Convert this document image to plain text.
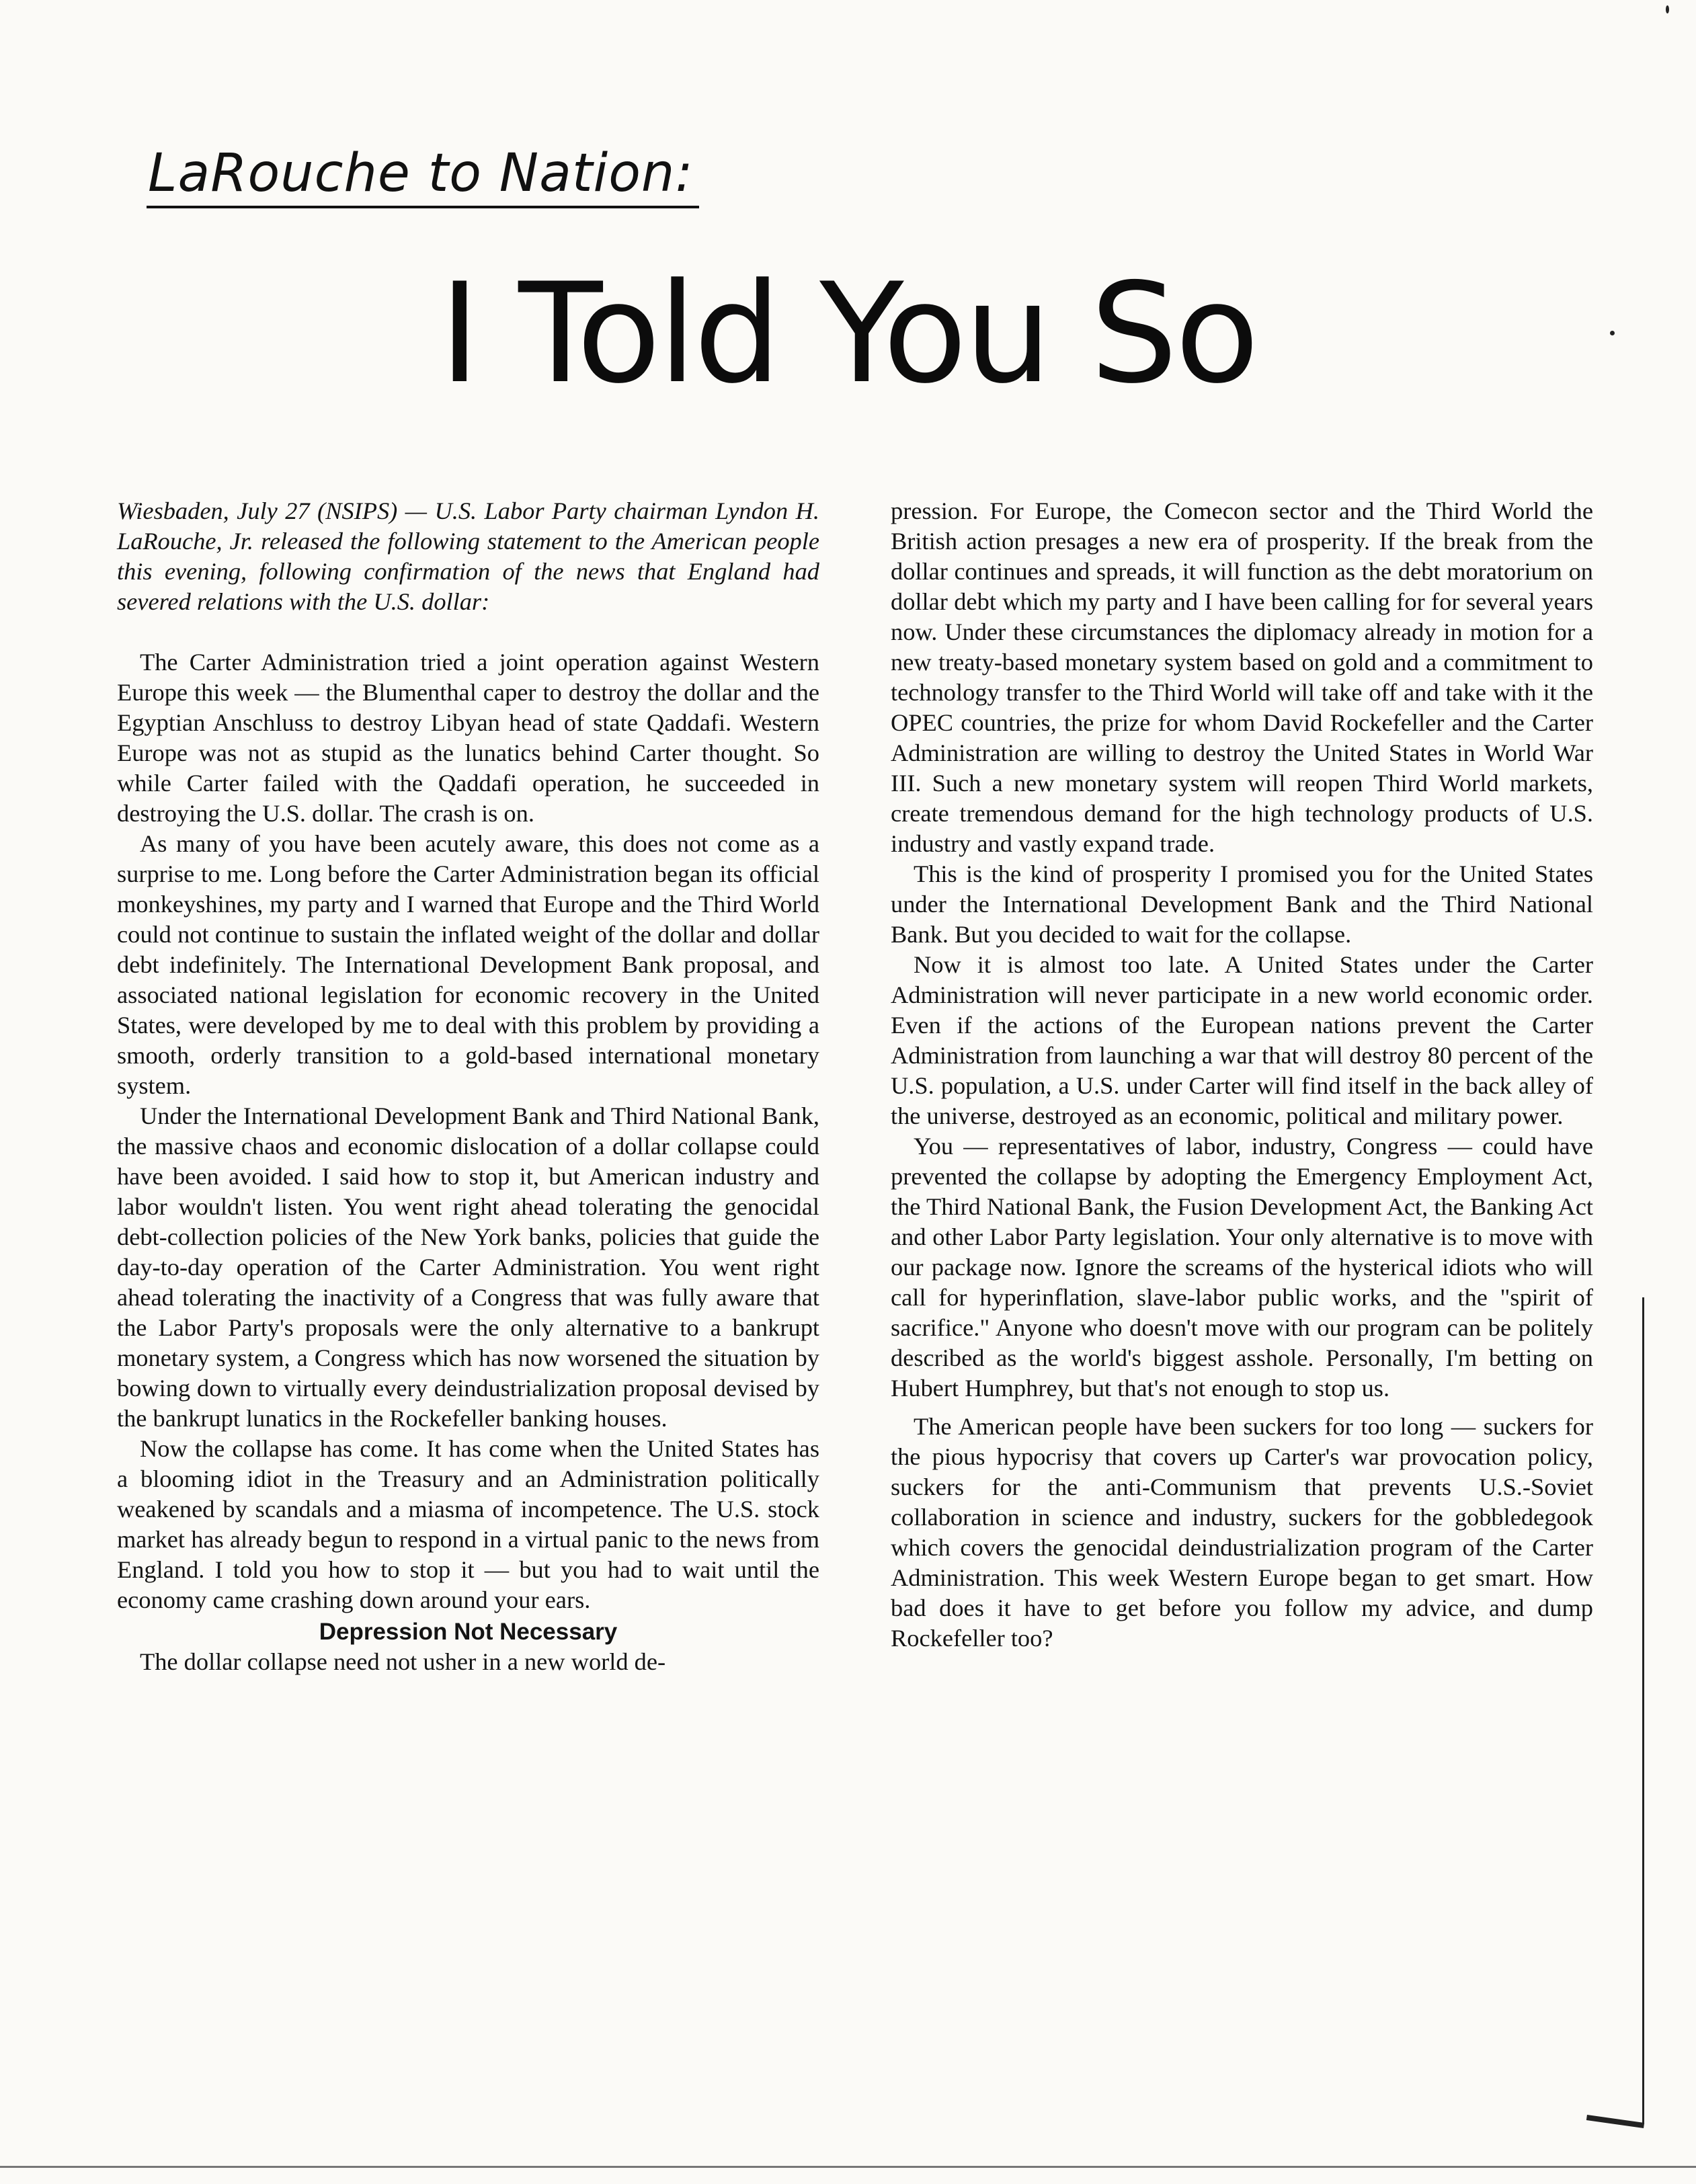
LaRouche to Nation:
I Told You So

Wiesbaden, July 27 (NSIPS) — U.S. Labor Party chairman Lyndon H. LaRouche, Jr. released the following statement to the American people this evening, following confirmation of the news that England had severed relations with the U.S. dollar:

The Carter Administration tried a joint operation against Western Europe this week — the Blumenthal caper to destroy the dollar and the Egyptian Anschluss to destroy Libyan head of state Qaddafi. Western Europe was not as stupid as the lunatics behind Carter thought. So while Carter failed with the Qaddafi operation, he succeeded in destroying the U.S. dollar. The crash is on.

As many of you have been acutely aware, this does not come as a surprise to me. Long before the Carter Administration began its official monkeyshines, my party and I warned that Europe and the Third World could not continue to sustain the inflated weight of the dollar and dollar debt indefinitely. The International Development Bank proposal, and associated national legislation for economic recovery in the United States, were developed by me to deal with this problem by providing a smooth, orderly transition to a gold-based international monetary system.

Under the International Development Bank and Third National Bank, the massive chaos and economic dislocation of a dollar collapse could have been avoided. I said how to stop it, but American industry and labor wouldn't listen. You went right ahead tolerating the genocidal debt-collection policies of the New York banks, policies that guide the day-to-day operation of the Carter Administration. You went right ahead tolerating the inactivity of a Congress that was fully aware that the Labor Party's proposals were the only alternative to a bankrupt monetary system, a Congress which has now worsened the situation by bowing down to virtually every deindustrialization proposal devised by the bankrupt lunatics in the Rockefeller banking houses.

Now the collapse has come. It has come when the United States has a blooming idiot in the Treasury and an Administration politically weakened by scandals and a miasma of incompetence. The U.S. stock market has already begun to respond in a virtual panic to the news from England. I told you how to stop it — but you had to wait until the economy came crashing down around your ears.

Depression Not Necessary

The dollar collapse need not usher in a new world de-

pression. For Europe, the Comecon sector and the Third World the British action presages a new era of prosperity. If the break from the dollar continues and spreads, it will function as the debt moratorium on dollar debt which my party and I have been calling for for several years now. Under these circumstances the diplomacy already in motion for a new treaty-based monetary system based on gold and a commitment to technology transfer to the Third World will take off and take with it the OPEC countries, the prize for whom David Rockefeller and the Carter Administration are willing to destroy the United States in World War III. Such a new monetary system will reopen Third World markets, create tremendous demand for the high technology products of U.S. industry and vastly expand trade.

This is the kind of prosperity I promised you for the United States under the International Development Bank and the Third National Bank. But you decided to wait for the collapse.

Now it is almost too late. A United States under the Carter Administration will never participate in a new world economic order. Even if the actions of the European nations prevent the Carter Administration from launching a war that will destroy 80 percent of the U.S. population, a U.S. under Carter will find itself in the back alley of the universe, destroyed as an economic, political and military power.

You — representatives of labor, industry, Congress — could have prevented the collapse by adopting the Emergency Employment Act, the Third National Bank, the Fusion Development Act, the Banking Act and other Labor Party legislation. Your only alternative is to move with our package now. Ignore the screams of the hysterical idiots who will call for hyperinflation, slave-labor public works, and the "spirit of sacrifice." Anyone who doesn't move with our program can be politely described as the world's biggest asshole. Personally, I'm betting on Hubert Humphrey, but that's not enough to stop us.

The American people have been suckers for too long — suckers for the pious hypocrisy that covers up Carter's war provocation policy, suckers for the anti-Communism that prevents U.S.-Soviet collaboration in science and industry, suckers for the gobbledegook which covers the genocidal deindustrialization program of the Carter Administration. This week Western Europe began to get smart. How bad does it have to get before you follow my advice, and dump Rockefeller too?
